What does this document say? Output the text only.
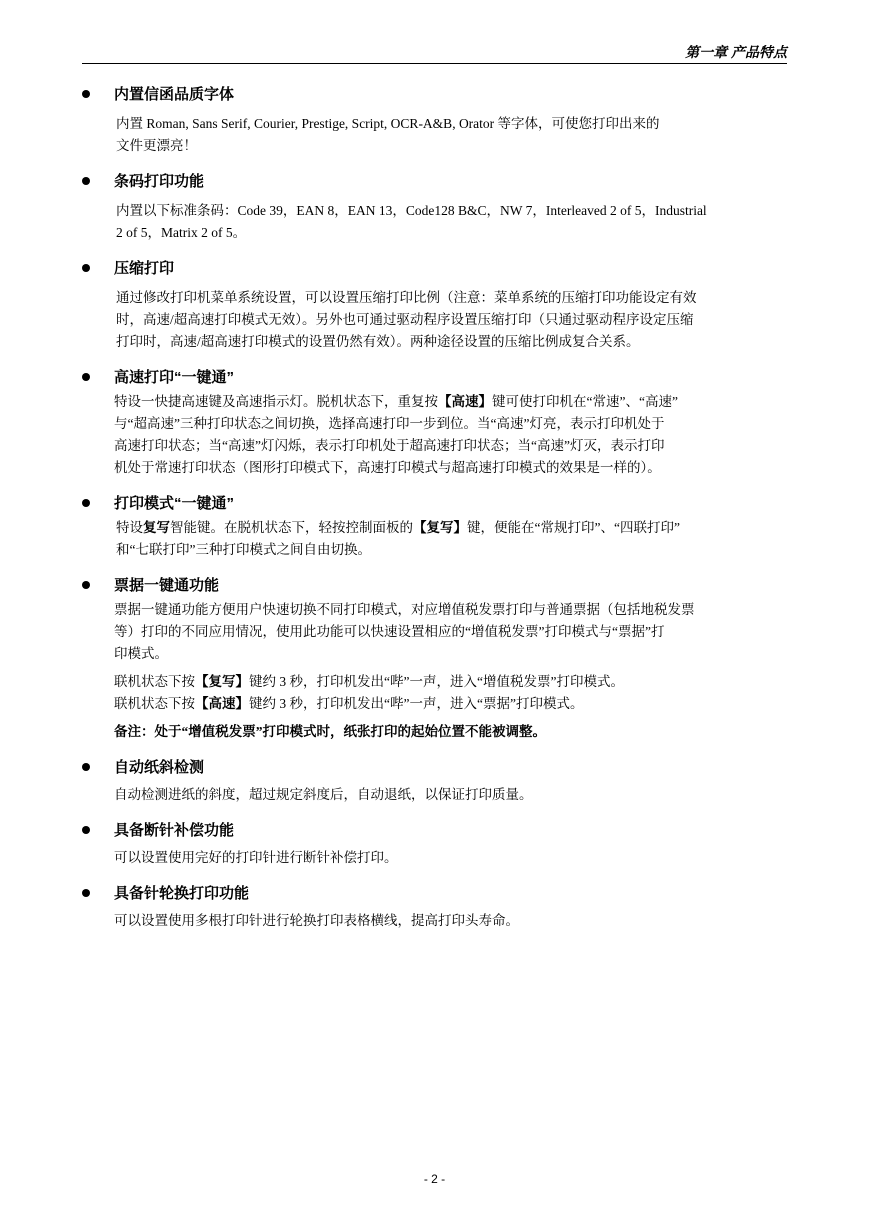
第一章 产品特点
内置信函品质字体
内置 Roman, Sans Serif, Courier, Prestige, Script, OCR-A&B, Orator 等字体，可使您打印出来的
文件更漂亮！
条码打印功能
内置以下标准条码：Code 39，EAN 8，EAN 13，Code128 B&C，NW 7，Interleaved 2 of 5，Industrial
2 of 5，Matrix 2 of 5。
压缩打印
通过修改打印机菜单系统设置，可以设置压缩打印比例（注意：菜单系统的压缩打印功能设定有效
时，高速/超高速打印模式无效）。另外也可通过驱动程序设置压缩打印（只通过驱动程序设定压缩
打印时，高速/超高速打印模式的设置仍然有效）。两种途径设置的压缩比例成复合关系。
高速打印“一键通”
特设一快捷高速键及高速指示灯。脱机状态下，重复按【高速】键可使打印机在“常速”、“高速”
与“超高速”三种打印状态之间切换，选择高速打印一步到位。当“高速”灯亮，表示打印机处于
高速打印状态；当“高速”灯闪烁，表示打印机处于超高速打印状态；当“高速”灯灭，表示打印
机处于常速打印状态（图形打印模式下，高速打印模式与超高速打印模式的效果是一样的）。
打印模式“一键通”
特设复写智能键。在脱机状态下，轻按控制面板的【复写】键，便能在“常规打印”、“四联打印”
和“七联打印”三种打印模式之间自由切换。
票据一键通功能
票据一键通功能方便用户快速切换不同打印模式，对应增值税发票打印与普通票据（包括地税发票
等）打印的不同应用情况，使用此功能可以快速设置相应的“增值税发票”打印模式与“票据”打
印模式。
联机状态下按【复写】键约 3 秒，打印机发出“哔”一声，进入“增值税发票”打印模式。
联机状态下按【高速】键约 3 秒，打印机发出“哔”一声，进入“票据”打印模式。
备注：处于“增值税发票”打印模式时，纸张打印的起始位置不能被调整。
自动纸斜检测
自动检测进纸的斜度，超过规定斜度后，自动退纸，以保证打印质量。
具备断针补偿功能
可以设置使用完好的打印针进行断针补偿打印。
具备针轮换打印功能
可以设置使用多根打印针进行轮换打印表格横线，提高打印头寿命。
- 2 -
